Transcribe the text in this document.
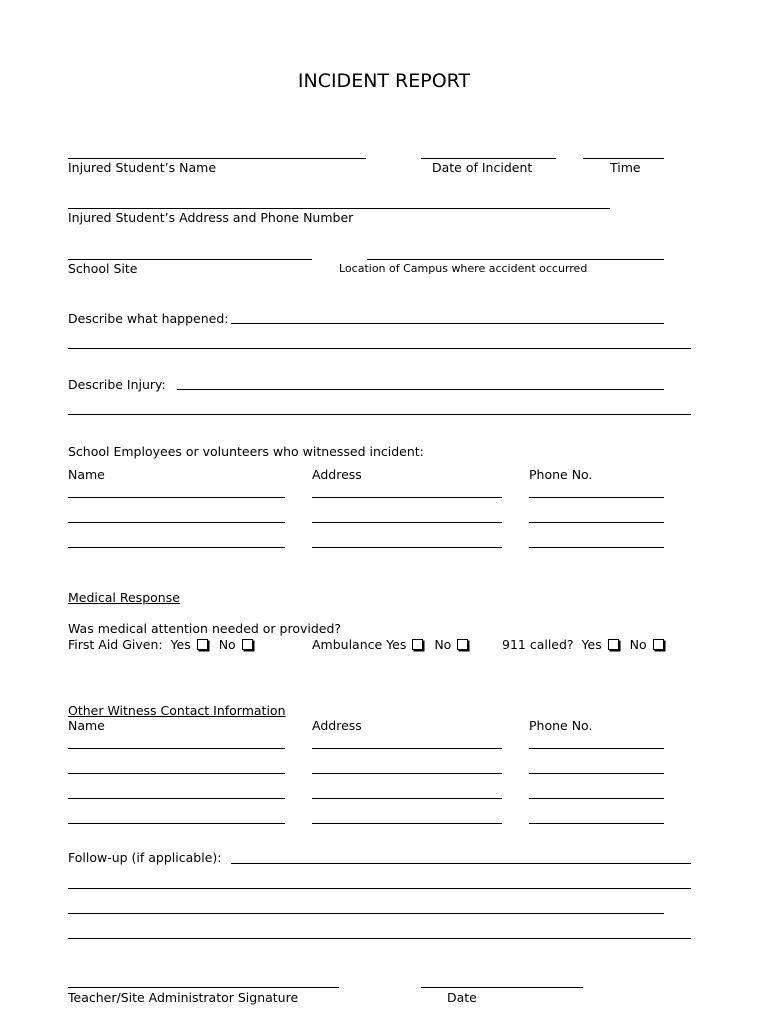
INCIDENT REPORT
Injured Student’s Name	Date of Incident	Time
Injured Student’s Address and Phone Number
School Site	Location of Campus where accident occurred
Describe what happened:
Describe Injury:
School Employees or volunteers who witnessed incident:
Name	Address	Phone No.
Medical Response
Was medical attention needed or provided?
First Aid Given: Yes No	Ambulance Yes No	911 called? Yes No
Other Witness Contact Information
Name	Address	Phone No.
Follow-up (if applicable):
Teacher/Site Administrator Signature	Date
